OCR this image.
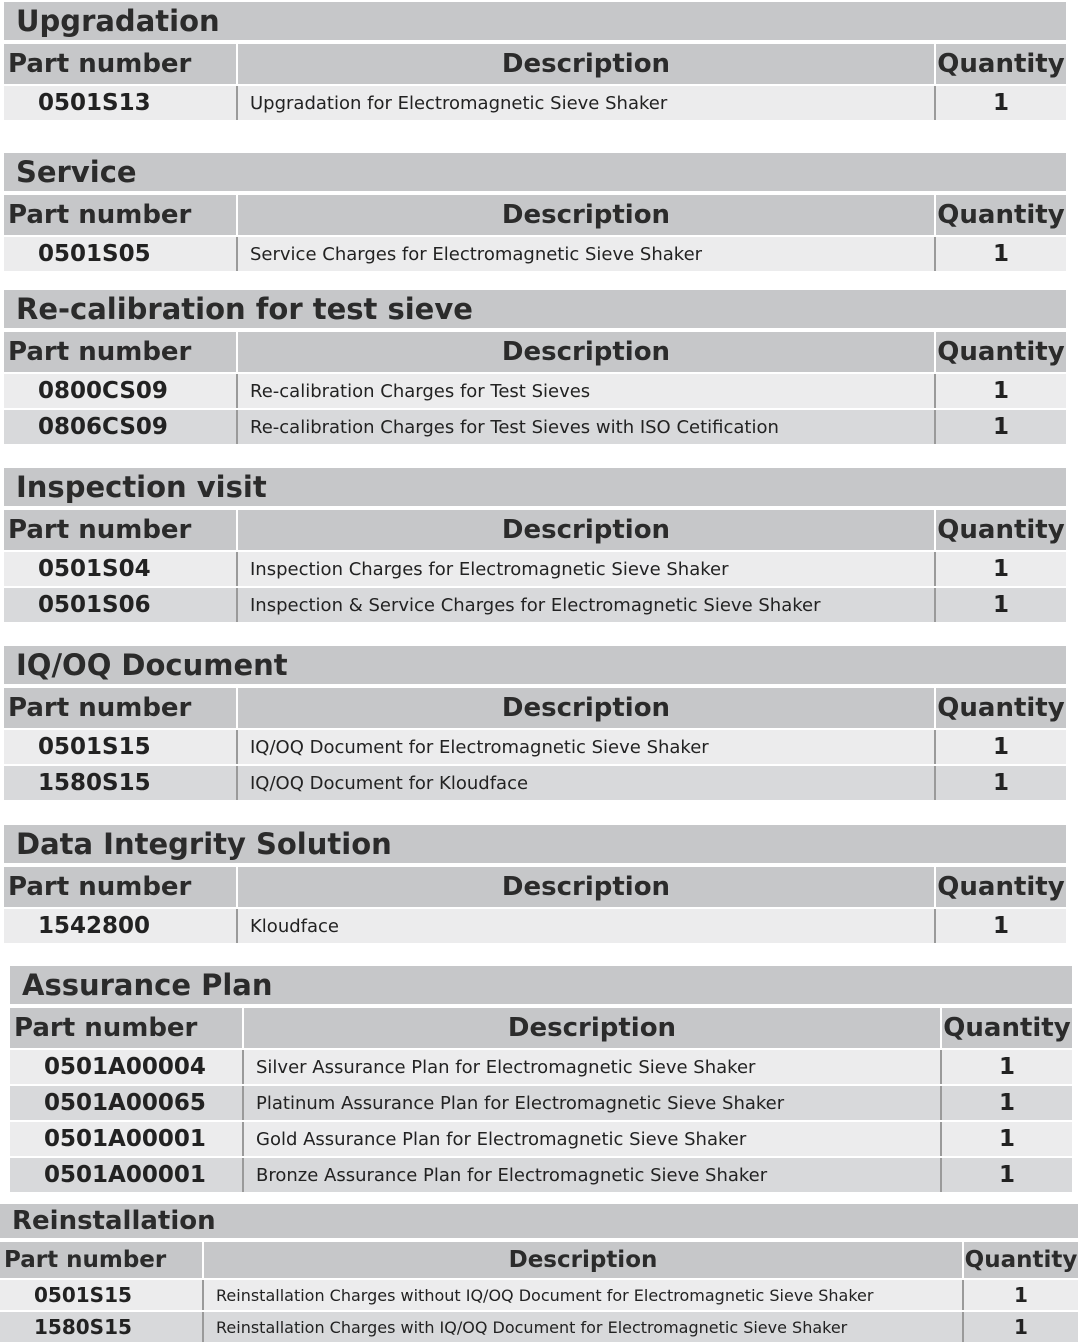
Upgradation
Part number	Description	Quantity
0501S13	Upgradation for Electromagnetic Sieve Shaker	1
Service
Part number	Description	Quantity
0501S05	Service Charges for Electromagnetic Sieve Shaker	1
Re-calibration for test sieve
Part number	Description	Quantity
0800CS09	Re-calibration Charges for Test Sieves	1
0806CS09	Re-calibration Charges for Test Sieves with ISO Cetification	1
Inspection visit
Part number	Description	Quantity
0501S04	Inspection Charges for Electromagnetic Sieve Shaker	1
0501S06	Inspection & Service Charges for Electromagnetic Sieve Shaker	1
IQ/OQ Document
Part number	Description	Quantity
0501S15	IQ/OQ Document for Electromagnetic Sieve Shaker	1
1580S15	IQ/OQ Document for Kloudface	1
Data Integrity Solution
Part number	Description	Quantity
1542800	Kloudface	1
Assurance Plan
Part number	Description	Quantity
0501A00004	Silver Assurance Plan for Electromagnetic Sieve Shaker	1
0501A00065	Platinum Assurance Plan for Electromagnetic Sieve Shaker	1
0501A00001	Gold Assurance Plan for Electromagnetic Sieve Shaker	1
0501A00001	Bronze Assurance Plan for Electromagnetic Sieve Shaker	1
Reinstallation
Part number	Description	Quantity
0501S15	Reinstallation Charges without IQ/OQ Document for Electromagnetic Sieve Shaker	1
1580S15	Reinstallation Charges with IQ/OQ Document for Electromagnetic Sieve Shaker	1
